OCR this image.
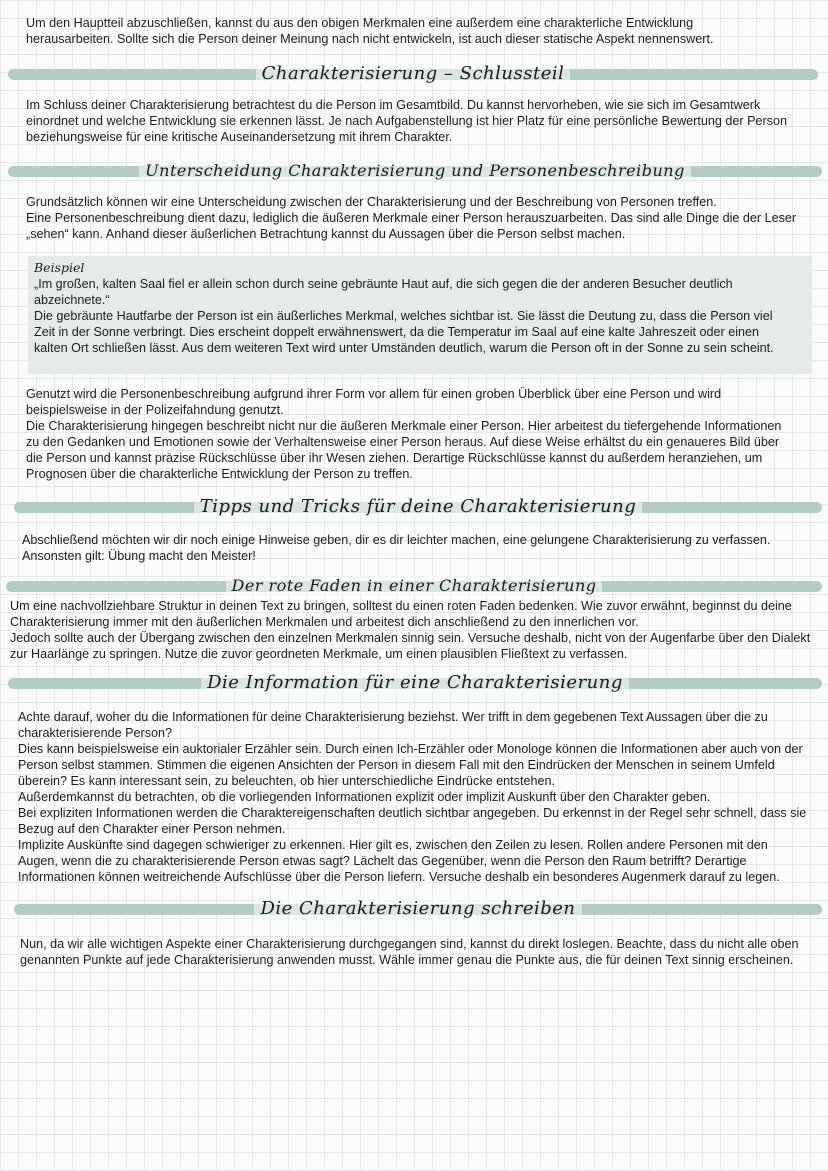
Um den Hauptteil abzuschließen, kannst du aus den obigen Merkmalen eine außerdem eine charakterliche Entwicklung herausarbeiten. Sollte sich die Person deiner Meinung nach nicht entwickeln, ist auch dieser statische Aspekt nennenswert.

Charakterisierung – Schlussteil

Im Schluss deiner Charakterisierung betrachtest du die Person im Gesamtbild. Du kannst hervorheben, wie sie sich im Gesamtwerk einordnet und welche Entwicklung sie erkennen lässt. Je nach Aufgabenstellung ist hier Platz für eine persönliche Bewertung der Person beziehungsweise für eine kritische Auseinandersetzung mit ihrem Charakter.

Unterscheidung Charakterisierung und Personenbeschreibung

Grundsätzlich können wir eine Unterscheidung zwischen der Charakterisierung und der Beschreibung von Personen treffen.

Eine Personenbeschreibung dient dazu, lediglich die äußeren Merkmale einer Person herauszuarbeiten. Das sind alle Dinge die der Leser „sehen“ kann. Anhand dieser äußerlichen Betrachtung kannst du Aussagen über die Person selbst machen.

Beispiel

„Im großen, kalten Saal fiel er allein schon durch seine gebräunte Haut auf, die sich gegen die der anderen Besucher deutlich abzeichnete.“

Die gebräunte Hautfarbe der Person ist ein äußerliches Merkmal, welches sichtbar ist. Sie lässt die Deutung zu, dass die Person viel Zeit in der Sonne verbringt. Dies erscheint doppelt erwähnenswert, da die Temperatur im Saal auf eine kalte Jahreszeit oder einen kalten Ort schließen lässt. Aus dem weiteren Text wird unter Umständen deutlich, warum die Person oft in der Sonne zu sein scheint.

Genutzt wird die Personenbeschreibung aufgrund ihrer Form vor allem für einen groben Überblick über eine Person und wird beispielsweise in der Polizeifahndung genutzt.

Die Charakterisierung hingegen beschreibt nicht nur die äußeren Merkmale einer Person. Hier arbeitest du tiefergehende Informationen zu den Gedanken und Emotionen sowie der Verhaltensweise einer Person heraus. Auf diese Weise erhältst du ein genaueres Bild über die Person und kannst präzise Rückschlüsse über ihr Wesen ziehen. Derartige Rückschlüsse kannst du außerdem heranziehen, um Prognosen über die charakterliche Entwicklung der Person zu treffen.

Tipps und Tricks für deine Charakterisierung

Abschließend möchten wir dir noch einige Hinweise geben, dir es dir leichter machen, eine gelungene Charakterisierung zu verfassen.

Ansonsten gilt: Übung macht den Meister!

Der rote Faden in einer Charakterisierung

Um eine nachvollziehbare Struktur in deinen Text zu bringen, solltest du einen roten Faden bedenken. Wie zuvor erwähnt, beginnst du deine Charakterisierung immer mit den äußerlichen Merkmalen und arbeitest dich anschließend zu den innerlichen vor.

Jedoch sollte auch der Übergang zwischen den einzelnen Merkmalen sinnig sein. Versuche deshalb, nicht von der Augenfarbe über den Dialekt zur Haarlänge zu springen. Nutze die zuvor geordneten Merkmale, um einen plausiblen Fließtext zu verfassen.

Die Information für eine Charakterisierung

Achte darauf, woher du die Informationen für deine Charakterisierung beziehst. Wer trifft in dem gegebenen Text Aussagen über die zu charakterisierende Person?

Dies kann beispielsweise ein auktorialer Erzähler sein. Durch einen Ich-Erzähler oder Monologe können die Informationen aber auch von der Person selbst stammen. Stimmen die eigenen Ansichten der Person in diesem Fall mit den Eindrücken der Menschen in seinem Umfeld überein? Es kann interessant sein, zu beleuchten, ob hier unterschiedliche Eindrücke entstehen.

Außerdemkannst du betrachten, ob die vorliegenden Informationen explizit oder implizit Auskunft über den Charakter geben.

Bei expliziten Informationen werden die Charaktereigenschaften deutlich sichtbar angegeben. Du erkennst in der Regel sehr schnell, dass sie Bezug auf den Charakter einer Person nehmen.

Implizite Auskünfte sind dagegen schwieriger zu erkennen. Hier gilt es, zwischen den Zeilen zu lesen. Rollen andere Personen mit den Augen, wenn die zu charakterisierende Person etwas sagt? Lächelt das Gegenüber, wenn die Person den Raum betrifft? Derartige Informationen können weitreichende Aufschlüsse über die Person liefern. Versuche deshalb ein besonderes Augenmerk darauf zu legen.

Die Charakterisierung schreiben

Nun, da wir alle wichtigen Aspekte einer Charakterisierung durchgegangen sind, kannst du direkt loslegen. Beachte, dass du nicht alle oben genannten Punkte auf jede Charakterisierung anwenden musst. Wähle immer genau die Punkte aus, die für deinen Text sinnig erscheinen.
